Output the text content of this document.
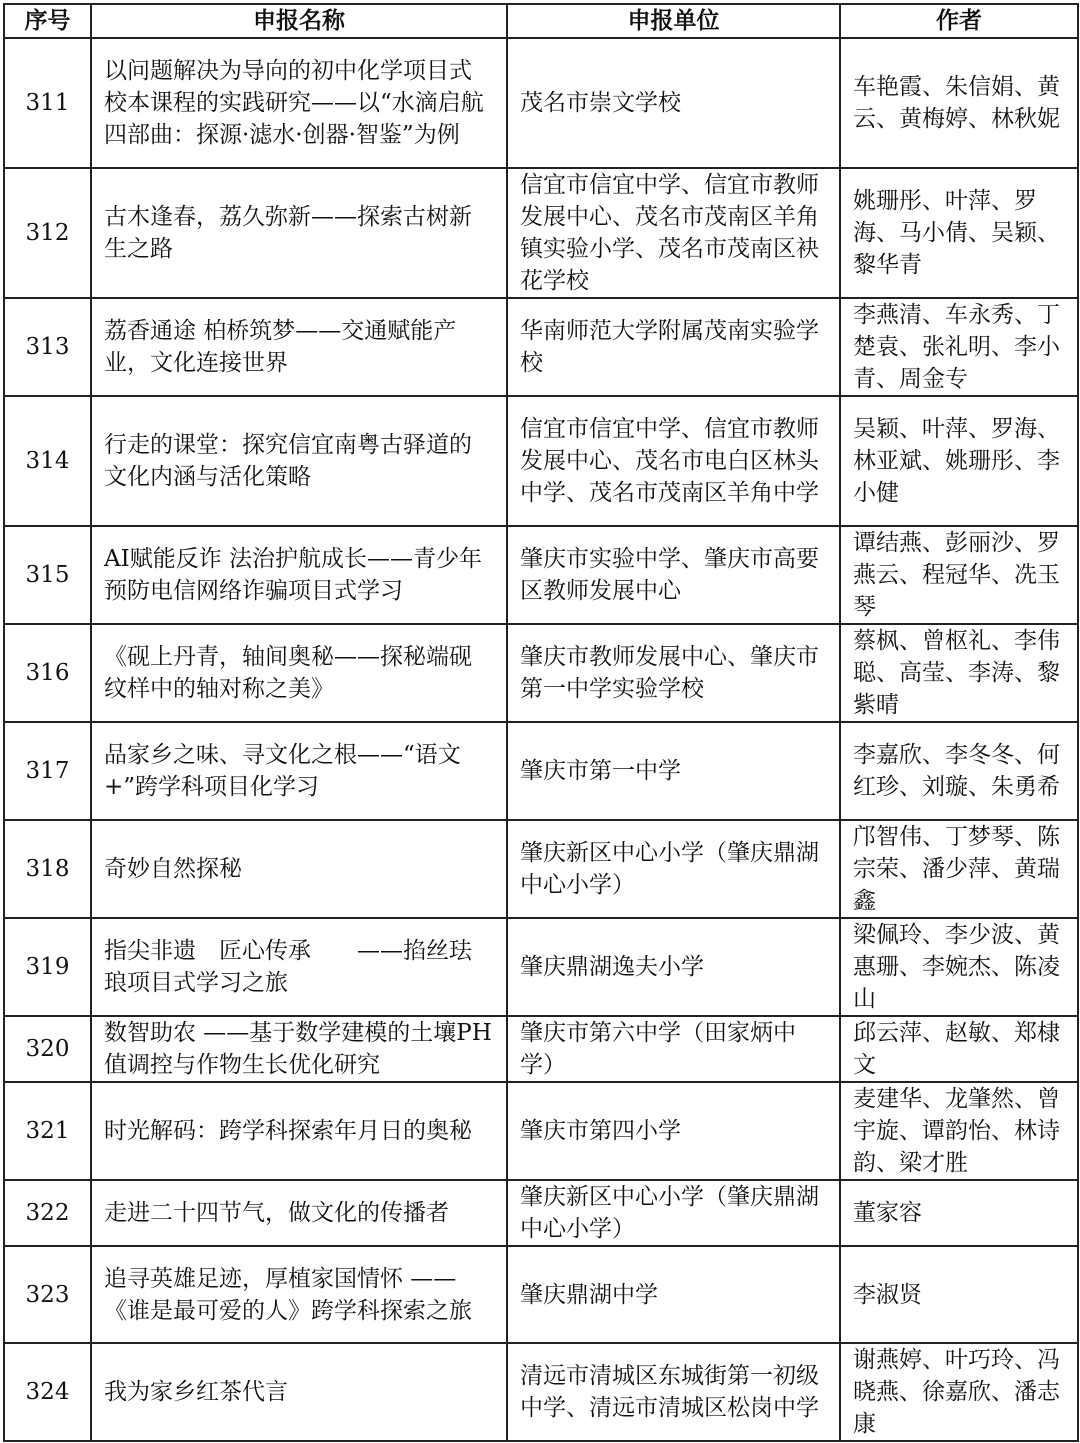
序号	申报名称	申报单位	作者
311	以问题解决为导向的初中化学项目式校本课程的实践研究——以“水滴启航四部曲：探源·滤水·创器·智鉴”为例	茂名市崇文学校	车艳霞、朱信娟、黄云、黄梅婷、林秋妮
312	古木逢春，荔久弥新——探索古树新生之路	信宜市信宜中学、信宜市教师发展中心、茂名市茂南区羊角镇实验小学、茂名市茂南区袂花学校	姚珊彤、叶萍、罗海、马小倩、吴颖、黎华青
313	荔香通途 柏桥筑梦——交通赋能产业，文化连接世界	华南师范大学附属茂南实验学校	李燕清、车永秀、丁楚袁、张礼明、李小青、周金专
314	行走的课堂：探究信宜南粤古驿道的文化内涵与活化策略	信宜市信宜中学、信宜市教师发展中心、茂名市电白区林头中学、茂名市茂南区羊角中学	吴颖、叶萍、罗海、林亚斌、姚珊彤、李小健
315	AI赋能反诈 法治护航成长——青少年预防电信网络诈骗项目式学习	肇庆市实验中学、肇庆市高要区教师发展中心	谭结燕、彭丽沙、罗燕云、程冠华、冼玉琴
316	《砚上丹青，轴间奥秘——探秘端砚纹样中的轴对称之美》	肇庆市教师发展中心、肇庆市第一中学实验学校	蔡枫、曾枢礼、李伟聪、高莹、李涛、黎紫晴
317	品家乡之味、寻文化之根——“语文+”跨学科项目化学习	肇庆市第一中学	李嘉欣、李冬冬、何红珍、刘璇、朱勇希
318	奇妙自然探秘	肇庆新区中心小学（肇庆鼎湖中心小学）	邝智伟、丁梦琴、陈宗荣、潘少萍、黄瑞鑫
319	指尖非遗　匠心传承　　——掐丝珐琅项目式学习之旅	肇庆鼎湖逸夫小学	梁佩玲、李少波、黄惠珊、李婉杰、陈凌山
320	数智助农 ——基于数学建模的土壤PH值调控与作物生长优化研究	肇庆市第六中学（田家炳中学）	邱云萍、赵敏、郑棣文
321	时光解码：跨学科探索年月日的奥秘	肇庆市第四小学	麦建华、龙肇然、曾宇旋、谭韵怡、林诗韵、梁才胜
322	走进二十四节气，做文化的传播者	肇庆新区中心小学（肇庆鼎湖中心小学）	董家容
323	追寻英雄足迹，厚植家国情怀 ——《谁是最可爱的人》跨学科探索之旅	肇庆鼎湖中学	李淑贤
324	我为家乡红茶代言	清远市清城区东城街第一初级中学、清远市清城区松岗中学	谢燕婷、叶巧玲、冯晓燕、徐嘉欣、潘志康
